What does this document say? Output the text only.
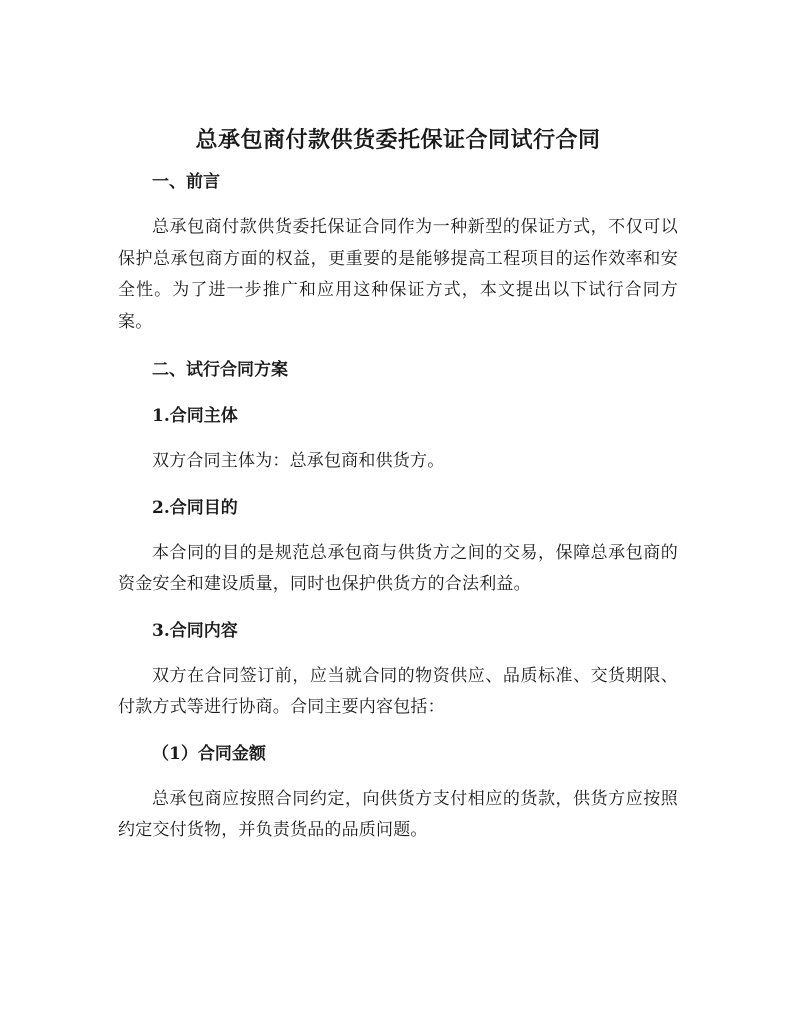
总承包商付款供货委托保证合同试行合同

一、前言

总承包商付款供货委托保证合同作为一种新型的保证方式，不仅可以保护总承包商方面的权益，更重要的是能够提高工程项目的运作效率和安全性。为了进一步推广和应用这种保证方式，本文提出以下试行合同方案。

二、试行合同方案

1.合同主体

双方合同主体为：总承包商和供货方。

2.合同目的

本合同的目的是规范总承包商与供货方之间的交易，保障总承包商的资金安全和建设质量，同时也保护供货方的合法利益。

3.合同内容

双方在合同签订前，应当就合同的物资供应、品质标准、交货期限、付款方式等进行协商。合同主要内容包括：

（1）合同金额

总承包商应按照合同约定，向供货方支付相应的货款，供货方应按照约定交付货物，并负责货品的品质问题。
